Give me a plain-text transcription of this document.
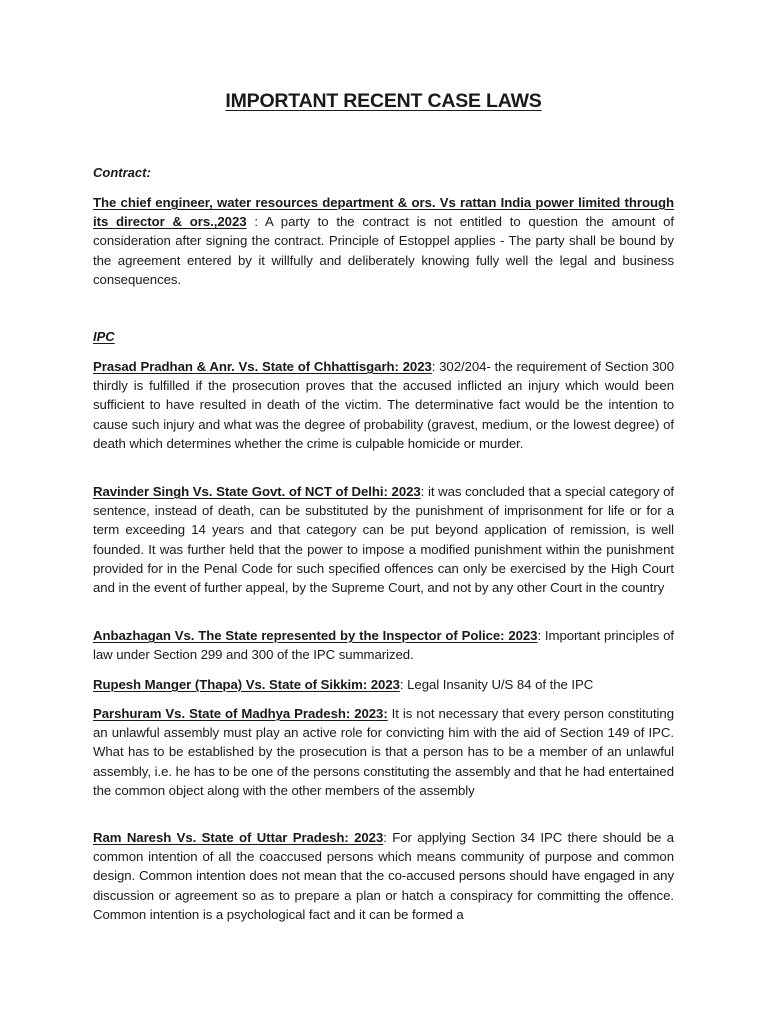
IMPORTANT RECENT CASE LAWS

Contract:

The chief engineer, water resources department & ors. Vs rattan India power limited through its director & ors.,2023 : A party to the contract is not entitled to question the amount of consideration after signing the contract. Principle of Estoppel applies - The party shall be bound by the agreement entered by it willfully and deliberately knowing fully well the legal and business consequences.

IPC

Prasad Pradhan & Anr. Vs. State of Chhattisgarh: 2023: 302/204- the requirement of Section 300 thirdly is fulfilled if the prosecution proves that the accused inflicted an injury which would been sufficient to have resulted in death of the victim. The determinative fact would be the intention to cause such injury and what was the degree of probability (gravest, medium, or the lowest degree) of death which determines whether the crime is culpable homicide or murder.

Ravinder Singh Vs. State Govt. of NCT of Delhi: 2023: it was concluded that a special category of sentence, instead of death, can be substituted by the punishment of imprisonment for life or for a term exceeding 14 years and that category can be put beyond application of remission, is well founded. It was further held that the power to impose a modified punishment within the punishment provided for in the Penal Code for such specified offences can only be exercised by the High Court and in the event of further appeal, by the Supreme Court, and not by any other Court in the country

Anbazhagan Vs. The State represented by the Inspector of Police: 2023: Important principles of law under Section 299 and 300 of the IPC summarized.

Rupesh Manger (Thapa) Vs. State of Sikkim: 2023: Legal Insanity U/S 84 of the IPC

Parshuram Vs. State of Madhya Pradesh: 2023: It is not necessary that every person constituting an unlawful assembly must play an active role for convicting him with the aid of Section 149 of IPC. What has to be established by the prosecution is that a person has to be a member of an unlawful assembly, i.e. he has to be one of the persons constituting the assembly and that he had entertained the common object along with the other members of the assembly

Ram Naresh Vs. State of Uttar Pradesh: 2023: For applying Section 34 IPC there should be a common intention of all the coaccused persons which means community of purpose and common design. Common intention does not mean that the co-accused persons should have engaged in any discussion or agreement so as to prepare a plan or hatch a conspiracy for committing the offence. Common intention is a psychological fact and it can be formed a
